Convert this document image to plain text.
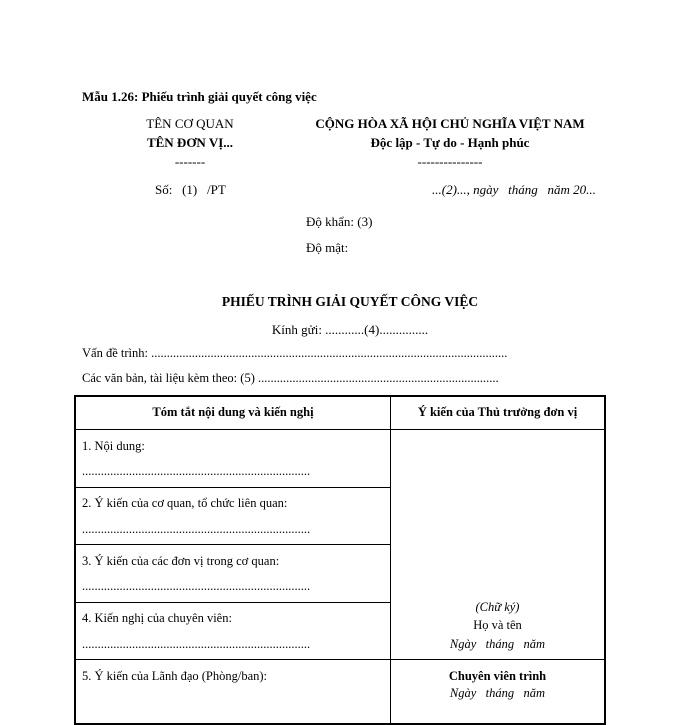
Mẫu 1.26: Phiếu trình giải quyết công việc
TÊN CƠ QUAN
TÊN ĐƠN VỊ...
-------
CỘNG HÒA XÃ HỘI CHỦ NGHĨA VIỆT NAM
Độc lập - Tự do - Hạnh phúc
---------------
Số:   (1)   /PT	...(2)..., ngày   tháng   năm 20...
Độ khẩn: (3)
Độ mật:
PHIẾU TRÌNH GIẢI QUYẾT CÔNG VIỆC
Kính gửi: ............(4)...............
Vấn đề trình: ..................................................................................................................
Các văn bản, tài liệu kèm theo: (5) .............................................................................
Tóm tắt nội dung và kiến nghị	Ý kiến của Thủ trưởng đơn vị
1. Nội dung:
.........................................................................
2. Ý kiến của cơ quan, tổ chức liên quan:
.........................................................................
3. Ý kiến của các đơn vị trong cơ quan:
.........................................................................
4. Kiến nghị của chuyên viên:
.........................................................................
5. Ý kiến của Lãnh đạo (Phòng/ban):
(Chữ ký)
Họ và tên
Ngày   tháng   năm
Chuyên viên trình
Ngày   tháng   năm
